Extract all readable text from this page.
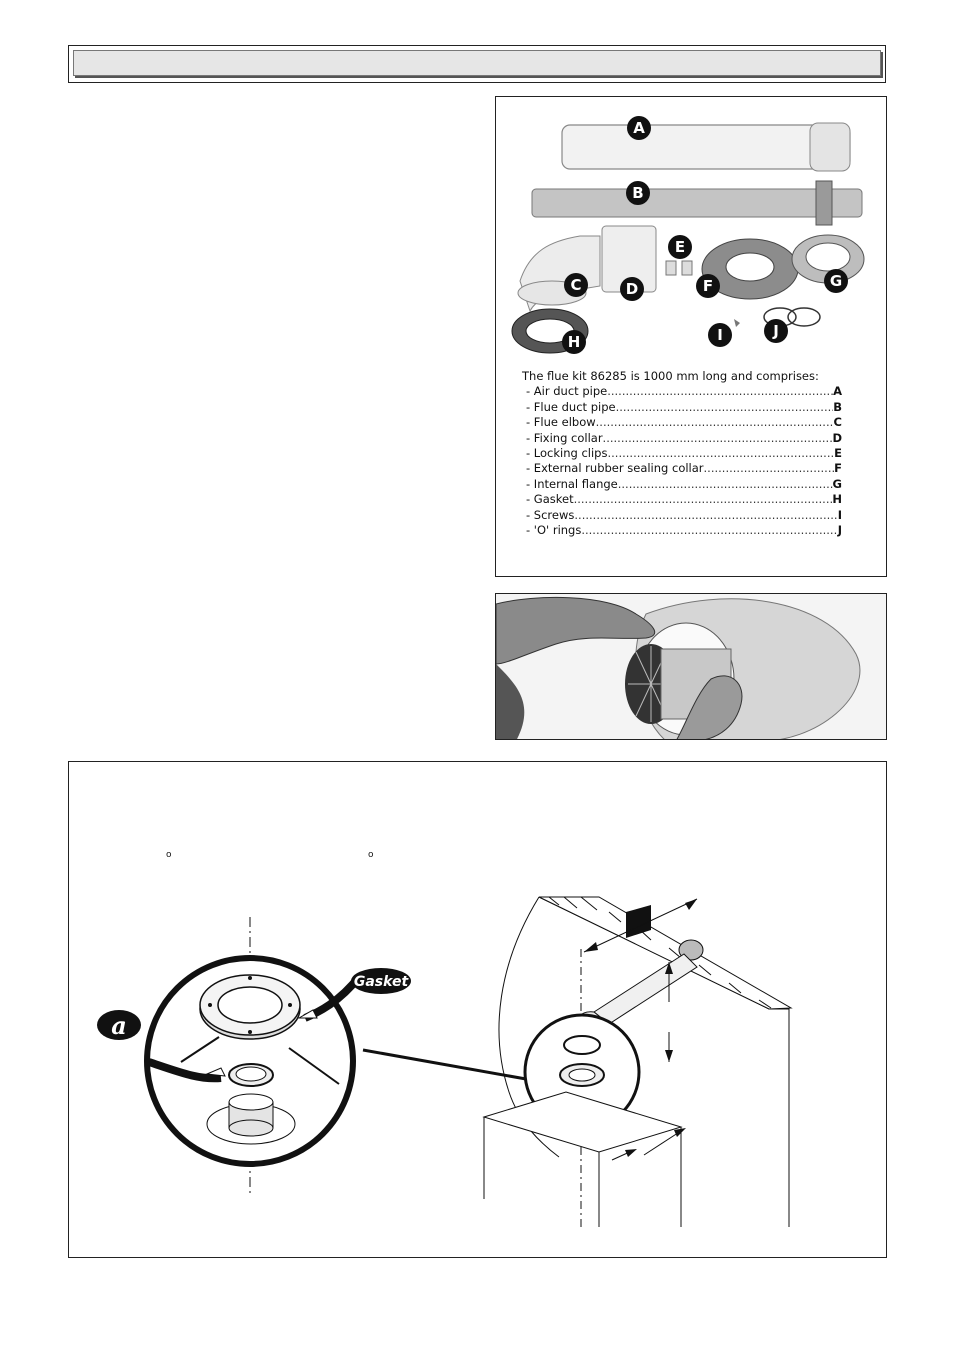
A
B
C	D
E
F	G
H	I	J
The flue kit 86285 is 1000 mm long and comprises:
- Air duct pipe .....	A
- Flue duct pipe .....	B
- Flue elbow .....	C
- Fixing collar .....	D
- Locking clips .....	E
- External rubber sealing collar .....	F
- Internal flange .....	G
- Gasket .....	H
- Screws .....	I
- 'O' rings .....	J
o	o
a
Gasket
